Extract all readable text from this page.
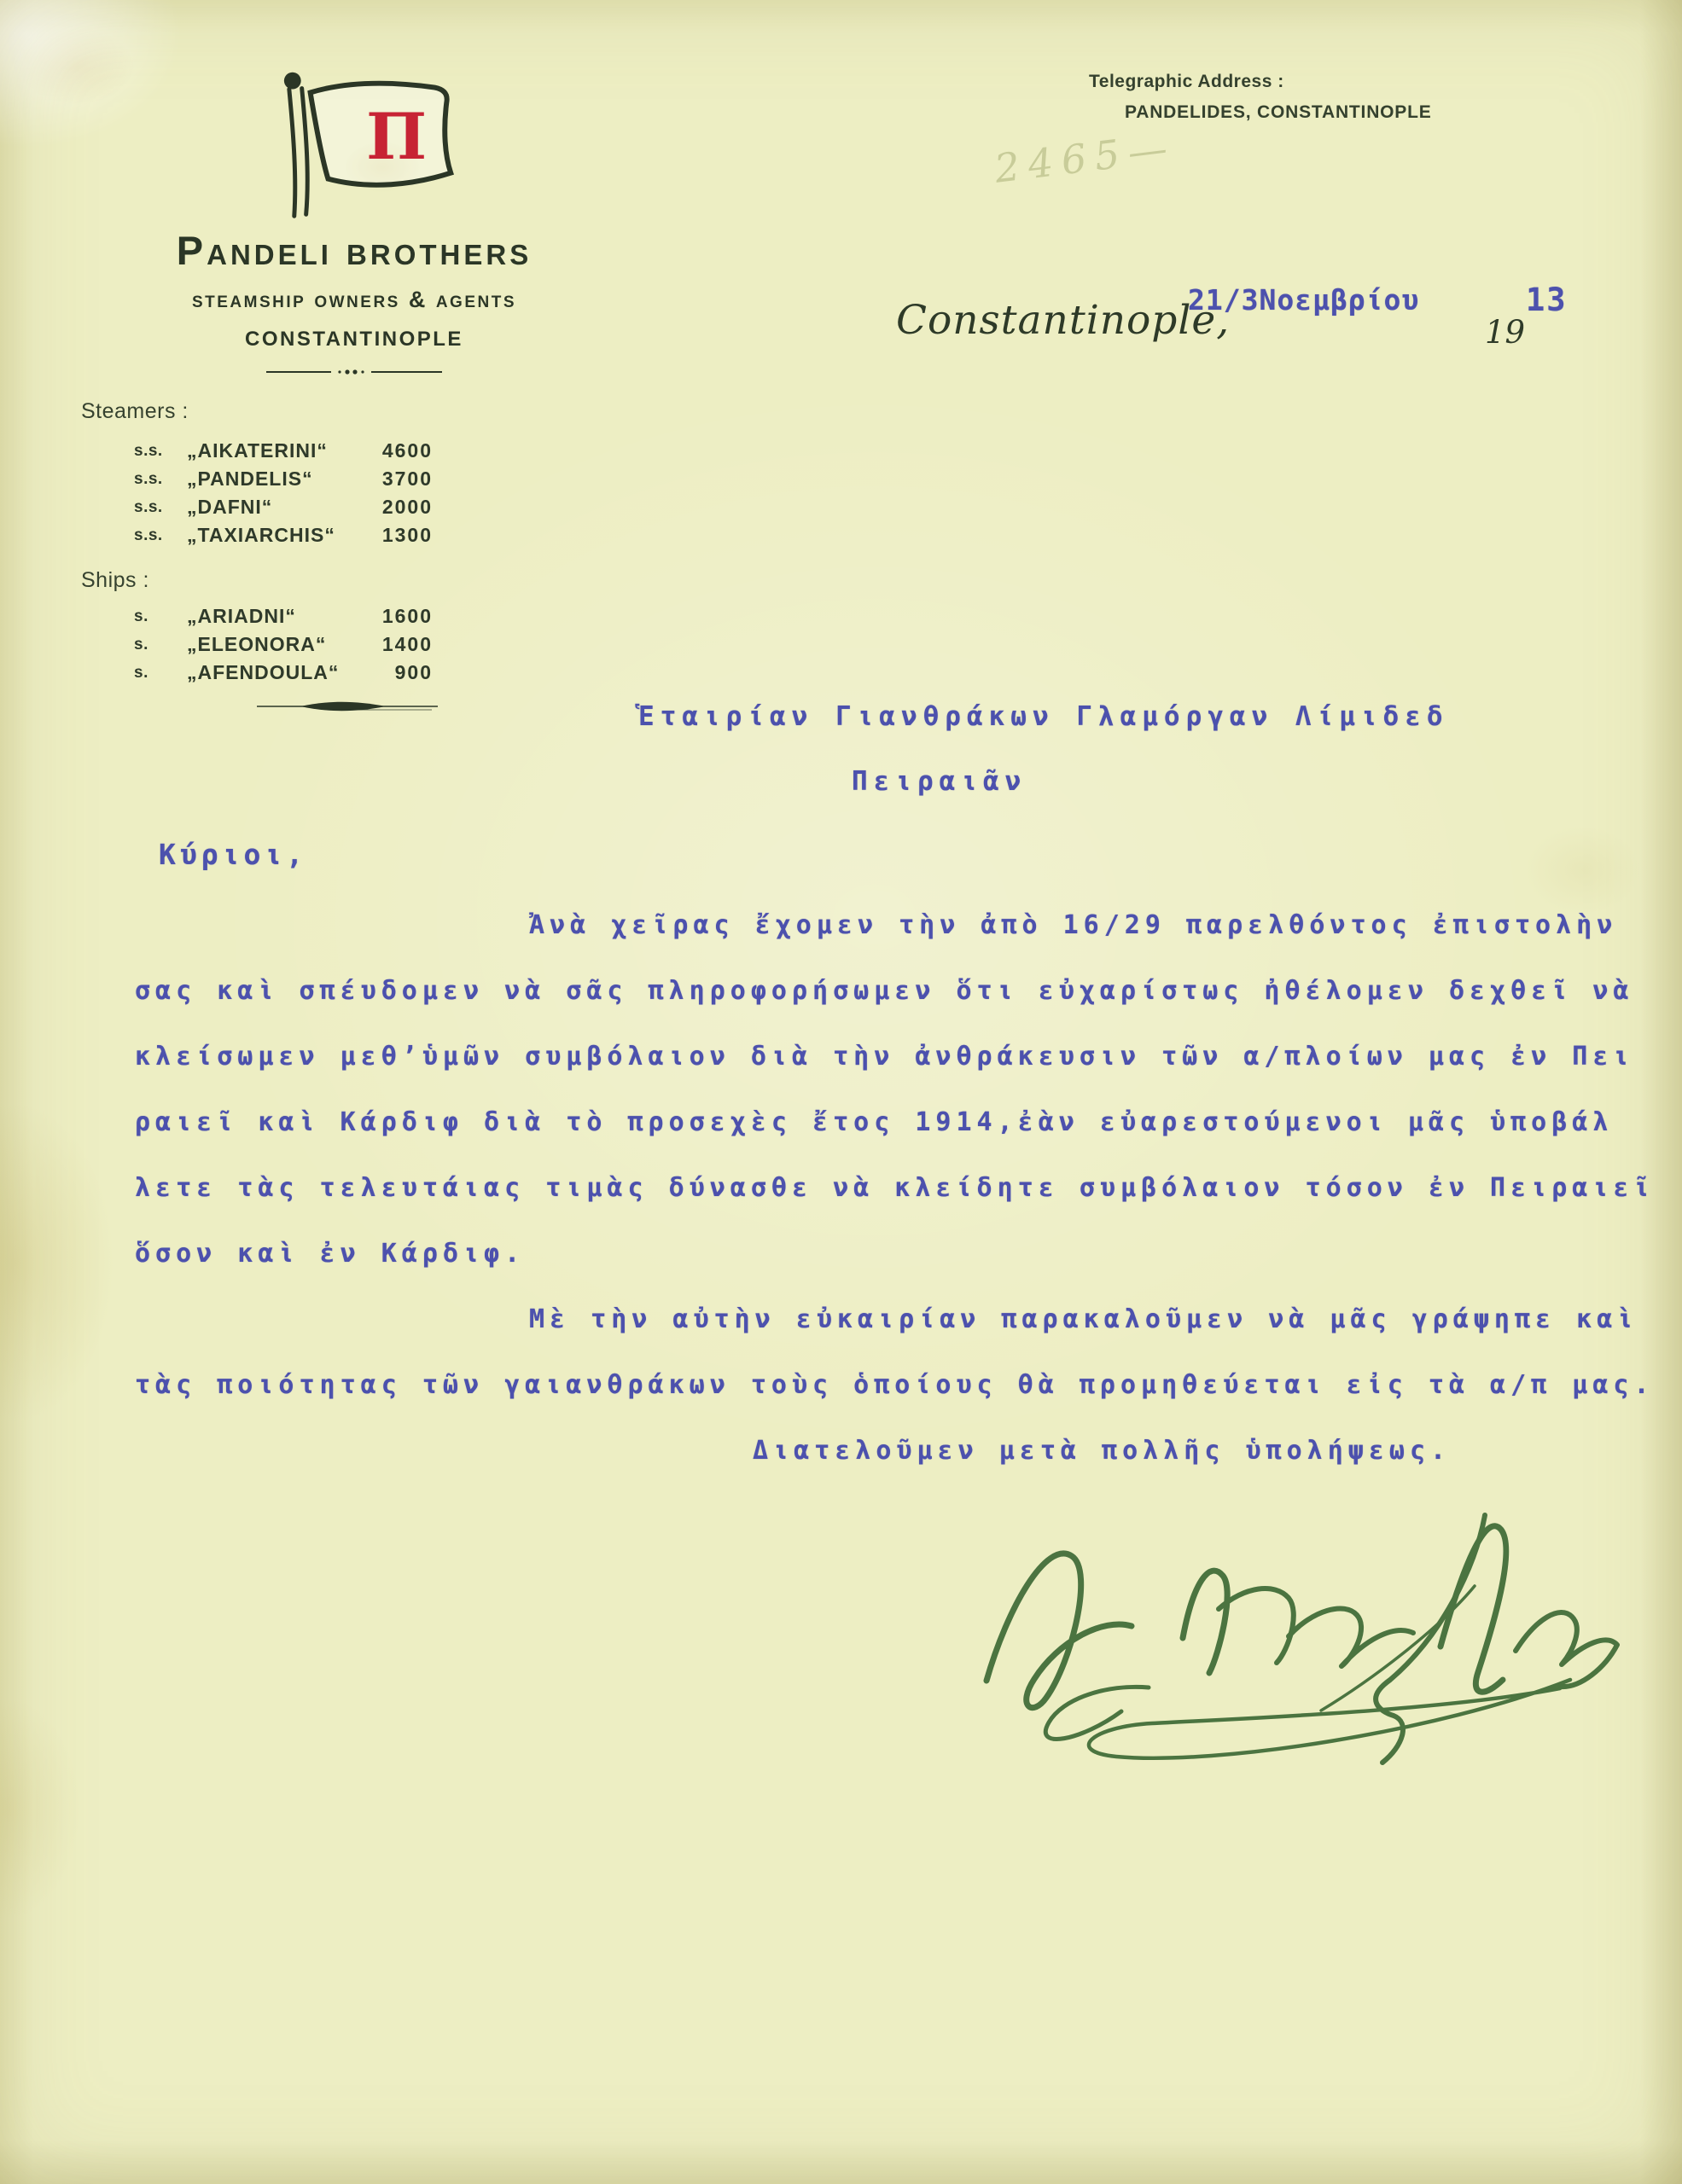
Π
Pandeli brothers
steamship owners & agents
CONSTANTINOPLE
Telegraphic Address :
PANDELIDES, CONSTANTINOPLE
2465—
Steamers :
s.s. „AIKATERINI“	4600
s.s. „PANDELIS“	3700
s.s. „DAFNI“	2000
s.s. „TAXIARCHIS“	1300
Ships :
s. „ARIADNI“	1600
s. „ELEONORA“	1400
s. „AFENDOULA“	900
Constantinople,
21/3Νοεμβρίου
19
13
Ἑταιρίαν Γιανθράκων Γλαμόργαν Λίμιδεδ
Πειραιᾶν
Κύριοι,
Ἀνὰ χεῖρας ἔχομεν τὴν ἀπὸ 16/29 παρελθόντος ἐπιστολὴν
σας καὶ σπέυδομεν νὰ σᾶς πληροφορήσωμεν ὅτι εὐχαρίστως ἠθέλομεν δεχθεῖ νὰ
κλείσωμεν μεθ’ὑμῶν συμβόλαιον διὰ τὴν ἀνθράκευσιν τῶν α/πλοίων μας ἐν Πει
ραιεῖ καὶ Κάρδιφ διὰ τὸ προσεχὲς ἔτος 1914,ἐὰν εὐαρεστούμενοι μᾶς ὑποβάλ
λετε τὰς τελευτάιας τιμὰς δύνασθε νὰ κλείδητε συμβόλαιον τόσον ἐν Πειραιεῖ
ὅσον καὶ ἐν Κάρδιφ.
Μὲ τὴν αὐτὴν εὐκαιρίαν παρακαλοῦμεν νὰ μᾶς γράψηπε καὶ
τὰς ποιότητας τῶν γαιανθράκων τοὺς ὁποίους θὰ προμηθεύεται εἰς τὰ α/π μας.
Διατελοῦμεν μετὰ πολλῆς ὑπολήψεως.
